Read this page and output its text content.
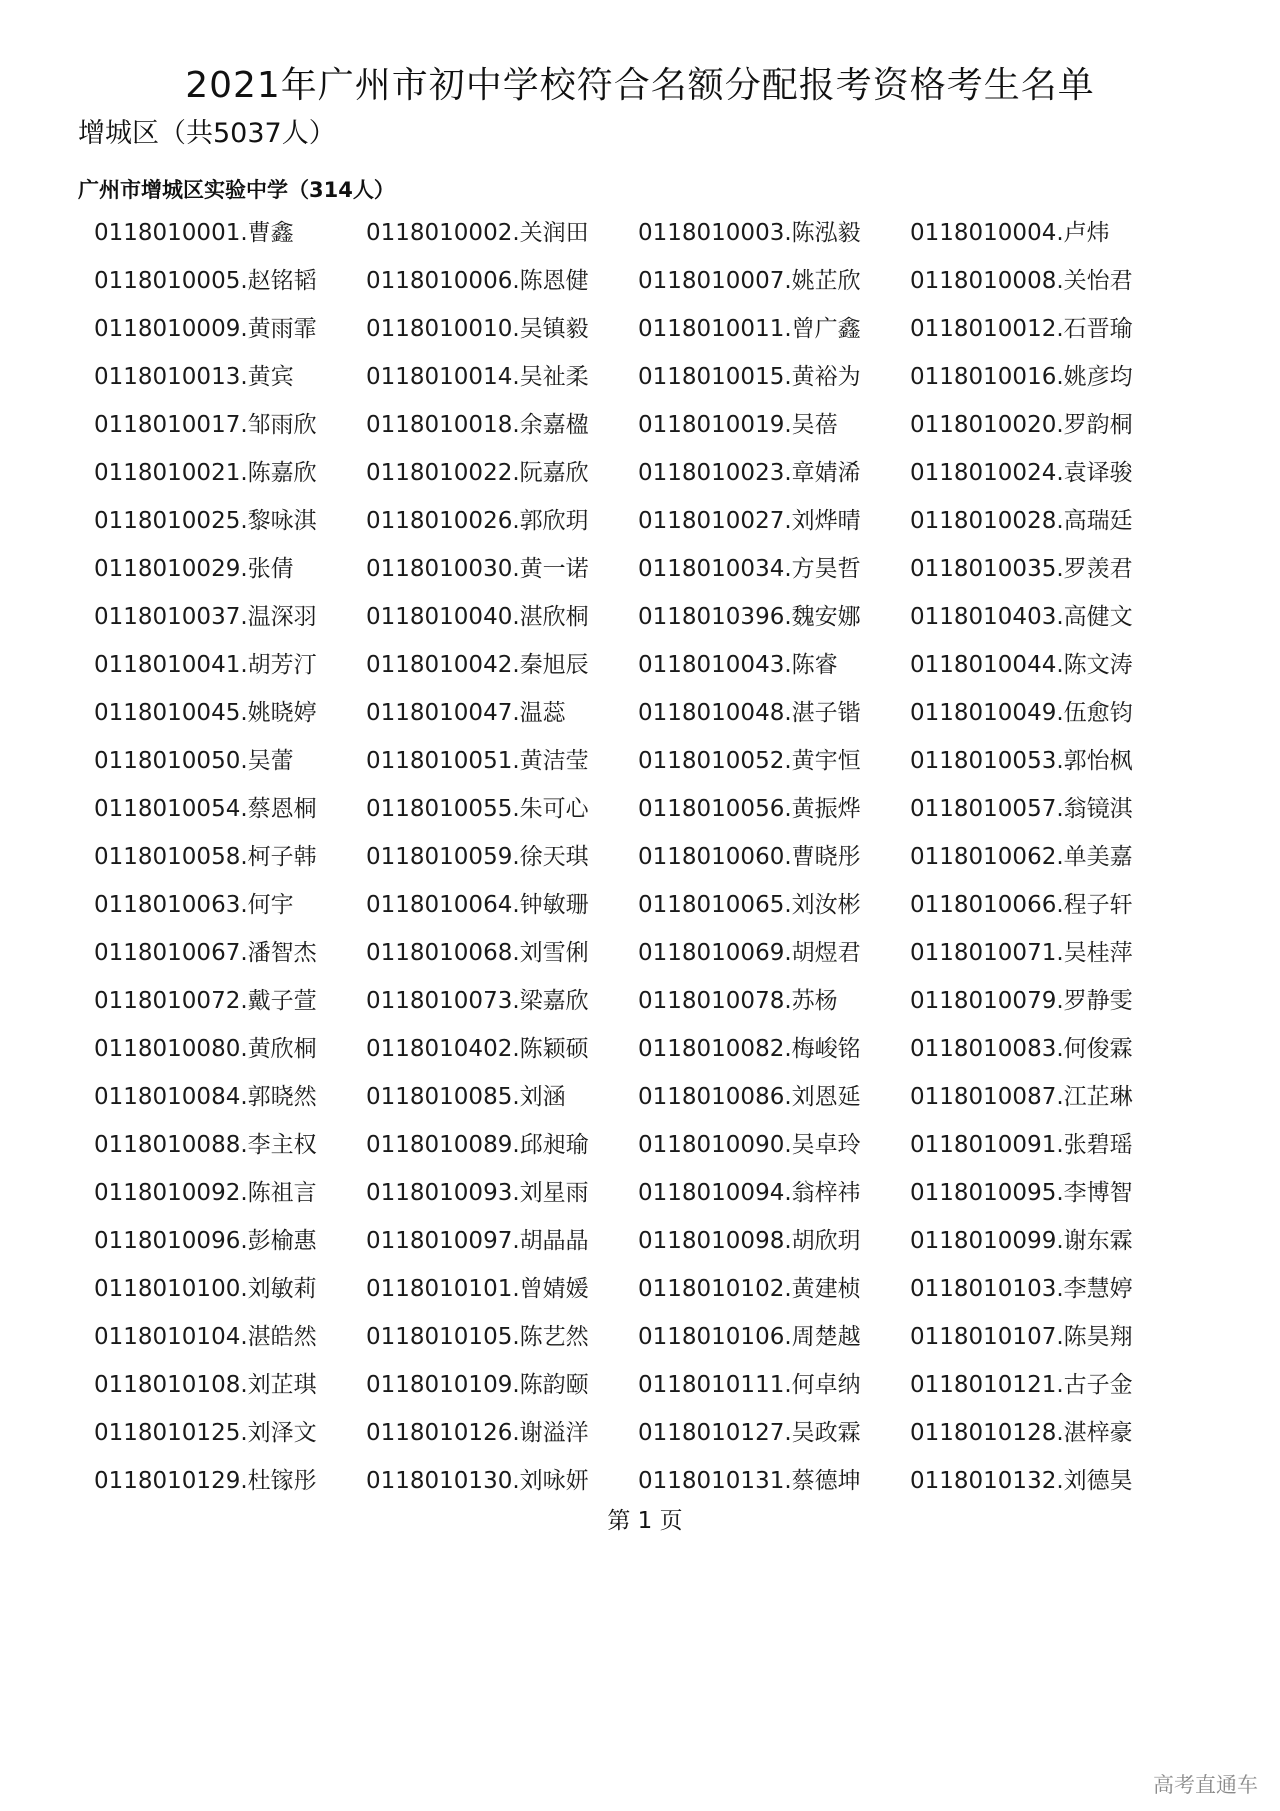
2021年广州市初中学校符合名额分配报考资格考生名单
增城区（共5037人）
广州市增城区实验中学（314人）
0118010001.曹鑫	0118010002.关润田	0118010003.陈泓毅	0118010004.卢炜
0118010005.赵铭韬	0118010006.陈恩健	0118010007.姚芷欣	0118010008.关怡君
0118010009.黄雨霏	0118010010.吴镇毅	0118010011.曾广鑫	0118010012.石晋瑜
0118010013.黄宾	0118010014.吴祉柔	0118010015.黄裕为	0118010016.姚彦均
0118010017.邹雨欣	0118010018.余嘉楹	0118010019.吴蓓	0118010020.罗韵桐
0118010021.陈嘉欣	0118010022.阮嘉欣	0118010023.章婧浠	0118010024.袁译骏
0118010025.黎咏淇	0118010026.郭欣玥	0118010027.刘烨晴	0118010028.高瑞廷
0118010029.张倩	0118010030.黄一诺	0118010034.方昊哲	0118010035.罗羡君
0118010037.温深羽	0118010040.湛欣桐	0118010396.魏安娜	0118010403.高健文
0118010041.胡芳汀	0118010042.秦旭辰	0118010043.陈睿	0118010044.陈文涛
0118010045.姚晓婷	0118010047.温蕊	0118010048.湛子锴	0118010049.伍愈钧
0118010050.吴蕾	0118010051.黄洁莹	0118010052.黄宇恒	0118010053.郭怡枫
0118010054.蔡恩桐	0118010055.朱可心	0118010056.黄振烨	0118010057.翁镜淇
0118010058.柯子韩	0118010059.徐天琪	0118010060.曹晓彤	0118010062.单美嘉
0118010063.何宇	0118010064.钟敏珊	0118010065.刘汝彬	0118010066.程子轩
0118010067.潘智杰	0118010068.刘雪俐	0118010069.胡煜君	0118010071.吴桂萍
0118010072.戴子萱	0118010073.梁嘉欣	0118010078.苏杨	0118010079.罗静雯
0118010080.黄欣桐	0118010402.陈颖硕	0118010082.梅峻铭	0118010083.何俊霖
0118010084.郭晓然	0118010085.刘涵	0118010086.刘恩延	0118010087.江芷琳
0118010088.李主权	0118010089.邱昶瑜	0118010090.吴卓玲	0118010091.张碧瑶
0118010092.陈祖言	0118010093.刘星雨	0118010094.翁梓祎	0118010095.李博智
0118010096.彭榆惠	0118010097.胡晶晶	0118010098.胡欣玥	0118010099.谢东霖
0118010100.刘敏莉	0118010101.曾婧媛	0118010102.黄建桢	0118010103.李慧婷
0118010104.湛皓然	0118010105.陈艺然	0118010106.周楚越	0118010107.陈昊翔
0118010108.刘芷琪	0118010109.陈韵颐	0118010111.何卓纳	0118010121.古子金
0118010125.刘泽文	0118010126.谢溢洋	0118010127.吴政霖	0118010128.湛梓豪
0118010129.杜镓彤	0118010130.刘咏妍	0118010131.蔡德坤	0118010132.刘德昊
第 1 页
高考直通车
